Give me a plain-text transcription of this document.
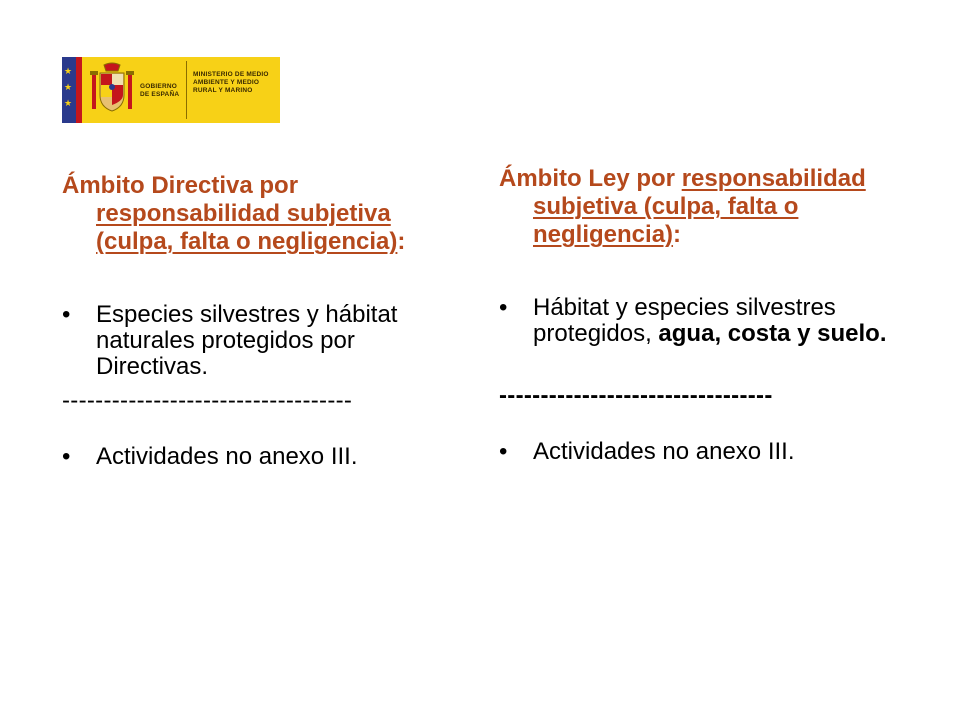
★
★
★
GOBIERNO DE ESPAÑA
MINISTERIO DE MEDIO AMBIENTE Y MEDIO RURAL Y MARINO

Ámbito Directiva por responsabilidad subjetiva (culpa, falta o negligencia):

• Especies silvestres y hábitat naturales protegidos por Directivas.

-----------------------------------

• Actividades no anexo III.

Ámbito Ley por responsabilidad subjetiva (culpa, falta o negligencia):

• Hábitat y especies silvestres protegidos, agua, costa y suelo.

---------------------------------

• Actividades no anexo III.
